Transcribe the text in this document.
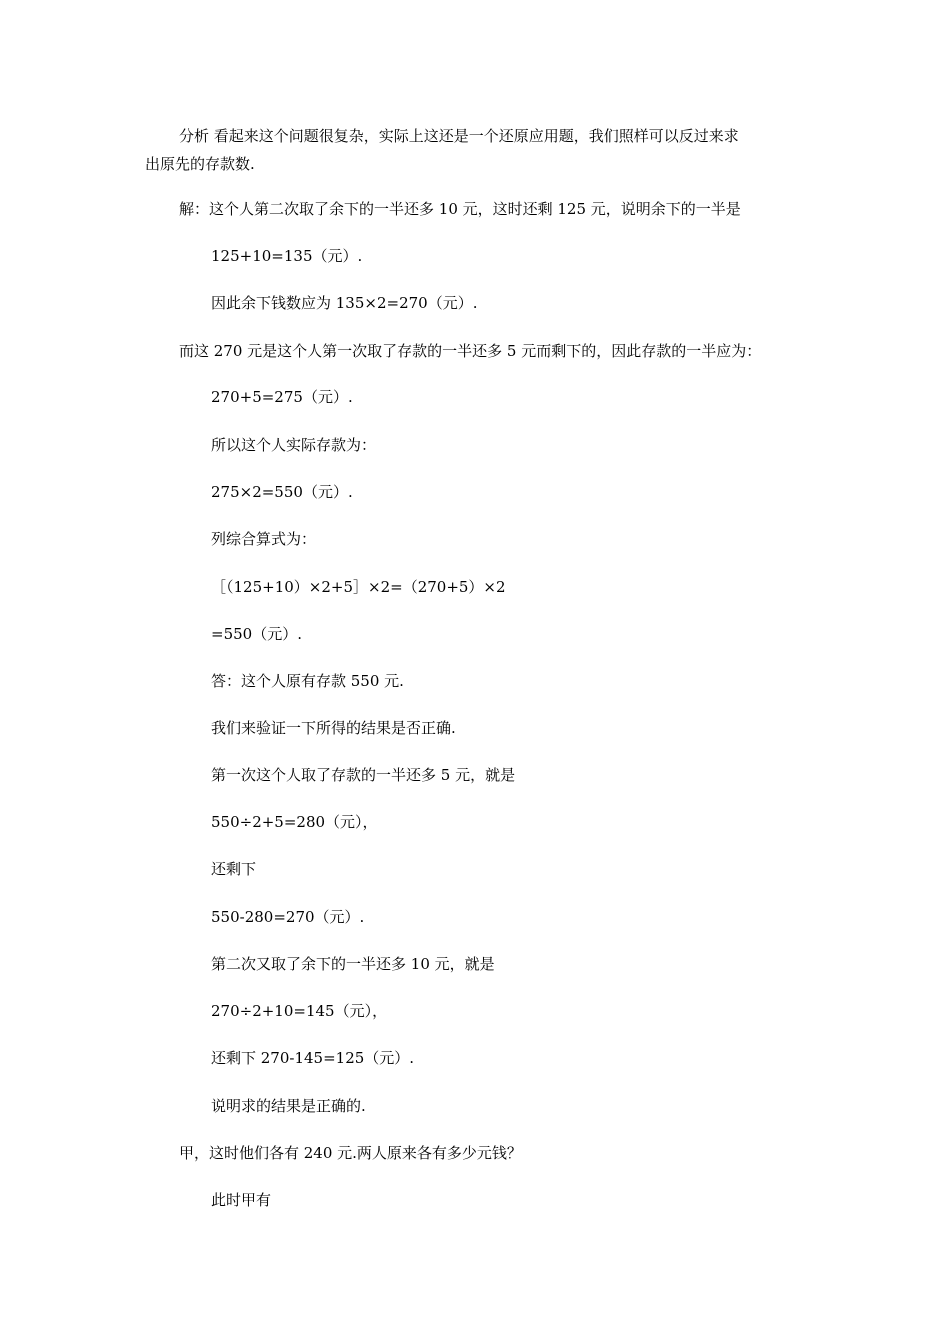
分析 看起来这个问题很复杂，实际上这还是一个还原应用题，我们照样可以反过来求
出原先的存款数.
解：这个人第二次取了余下的一半还多 10 元，这时还剩 125 元，说明余下的一半是
125+10=135（元）.
因此余下钱数应为 135×2=270（元）.
而这 270 元是这个人第一次取了存款的一半还多 5 元而剩下的，因此存款的一半应为：
270+5=275（元）.
所以这个人实际存款为：
275×2=550（元）.
列综合算式为：
［（125+10）×2+5］×2=（270+5）×2
=550（元）.
答：这个人原有存款 550 元.
我们来验证一下所得的结果是否正确.
第一次这个人取了存款的一半还多 5 元，就是
550÷2+5=280（元），
还剩下
550-280=270（元）.
第二次又取了余下的一半还多 10 元，就是
270÷2+10=145（元），
还剩下 270-145=125（元）.
说明求的结果是正确的.
甲，这时他们各有 240 元.两人原来各有多少元钱？
此时甲有
